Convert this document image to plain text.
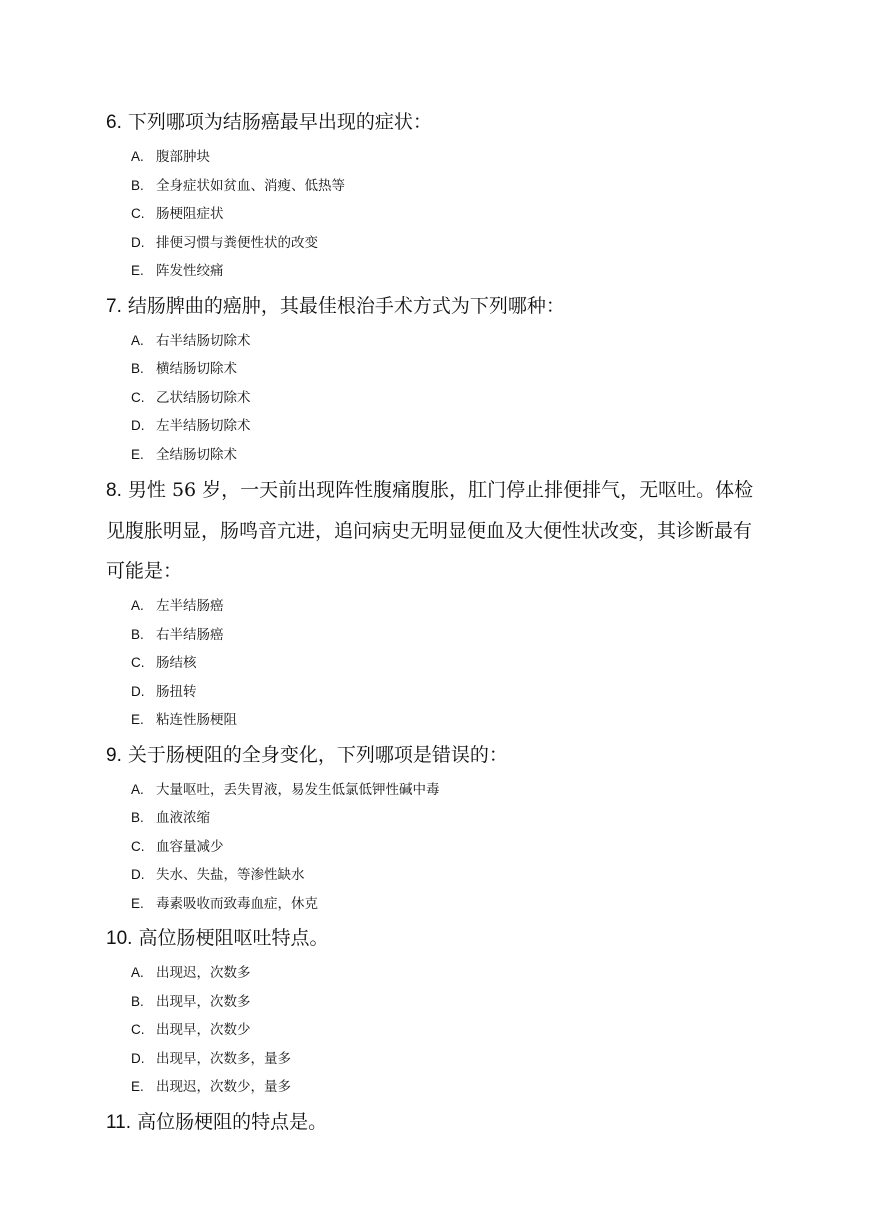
6. 下列哪项为结肠癌最早出现的症状：

A. 腹部肿块
B. 全身症状如贫血、消瘦、低热等
C. 肠梗阻症状
D. 排便习惯与粪便性状的改变
E. 阵发性绞痛

7. 结肠脾曲的癌肿，其最佳根治手术方式为下列哪种：

A. 右半结肠切除术
B. 横结肠切除术
C. 乙状结肠切除术
D. 左半结肠切除术
E. 全结肠切除术

8. 男性 56 岁，一天前出现阵性腹痛腹胀，肛门停止排便排气，无呕吐。体检见腹胀明显，肠鸣音亢进，追问病史无明显便血及大便性状改变，其诊断最有可能是：

A. 左半结肠癌
B. 右半结肠癌
C. 肠结核
D. 肠扭转
E. 粘连性肠梗阻

9. 关于肠梗阻的全身变化，下列哪项是错误的：

A. 大量呕吐，丢失胃液，易发生低氯低钾性碱中毒
B. 血液浓缩
C. 血容量减少
D. 失水、失盐，等渗性缺水
E. 毒素吸收而致毒血症，休克

10. 高位肠梗阻呕吐特点。

A. 出现迟，次数多
B. 出现早，次数多
C. 出现早，次数少
D. 出现早，次数多，量多
E. 出现迟，次数少，量多

11. 高位肠梗阻的特点是。
